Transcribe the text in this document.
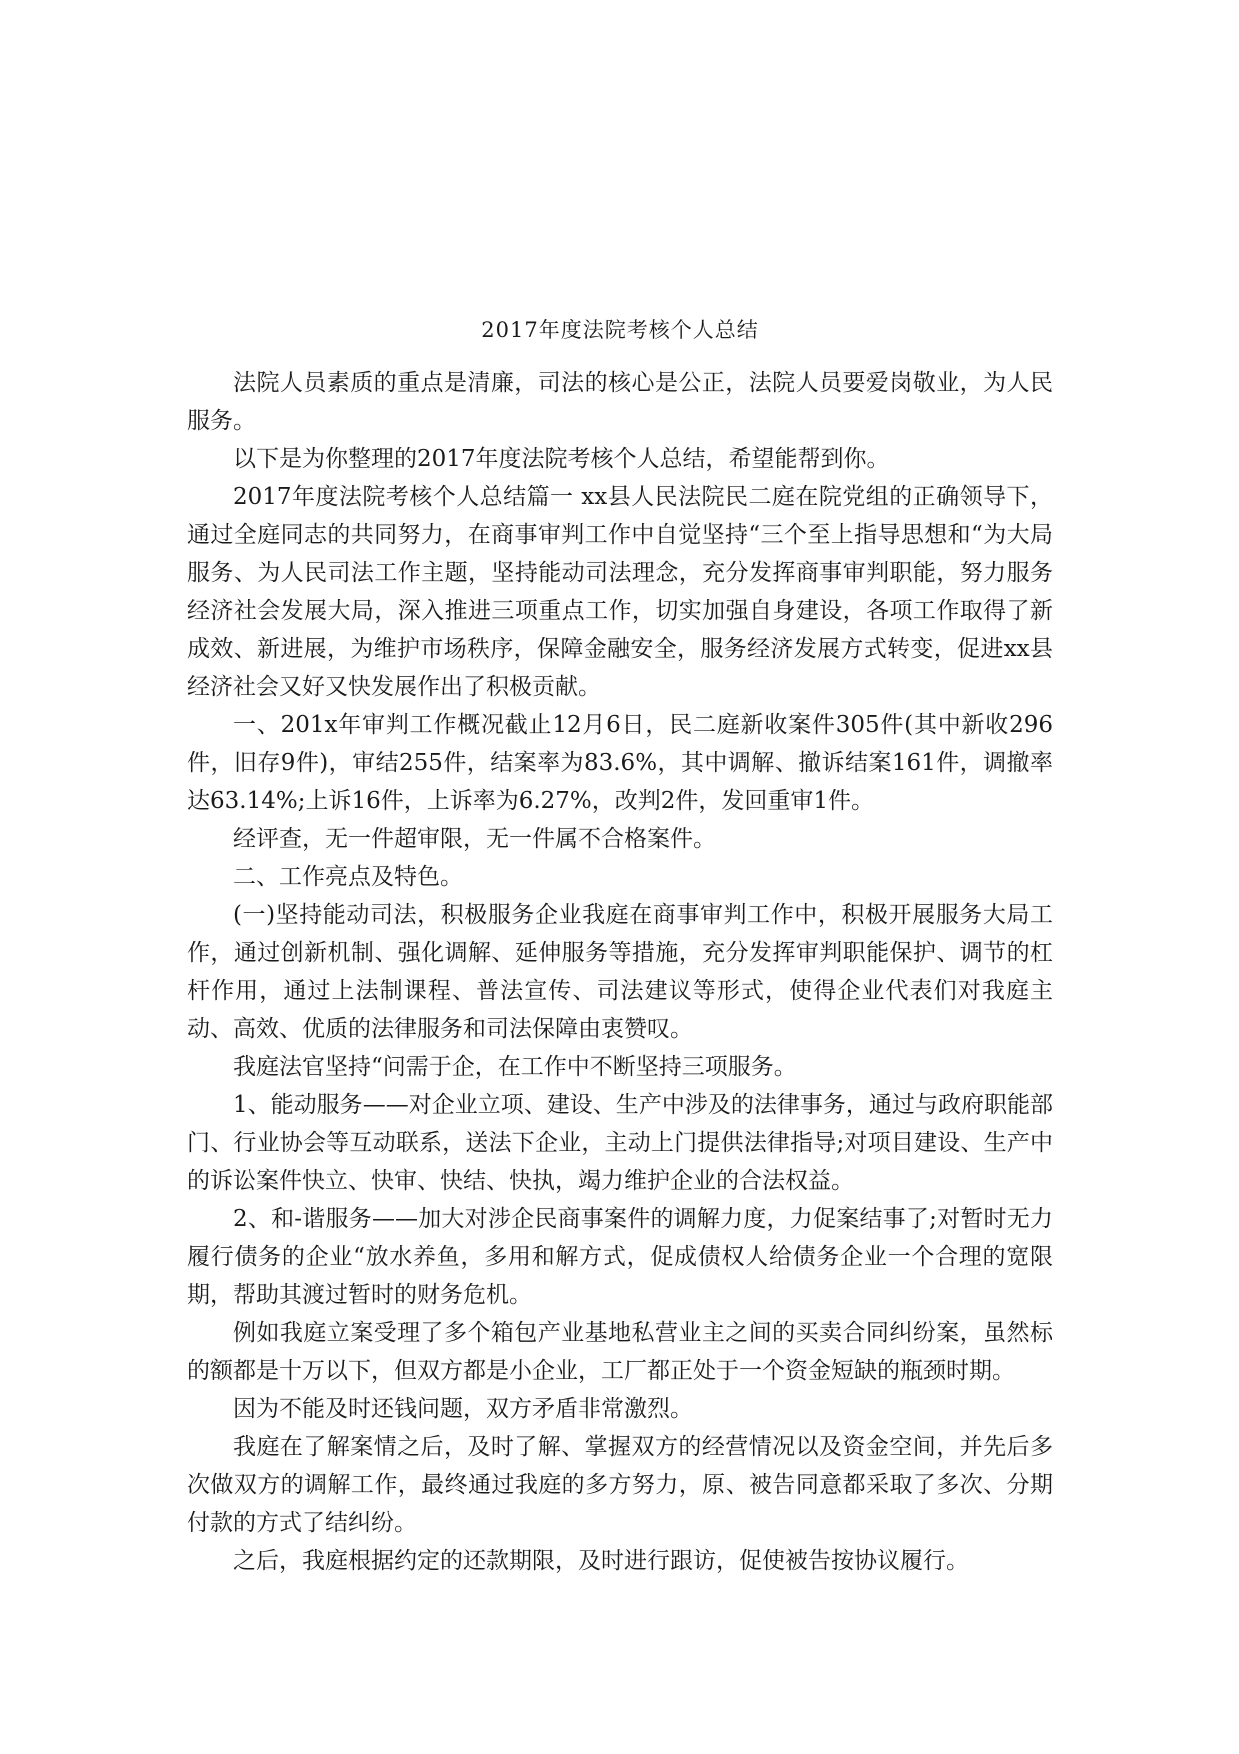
2017年度法院考核个人总结

法院人员素质的重点是清廉，司法的核心是公正，法院人员要爱岗敬业，为人民服务。

以下是为你整理的2017年度法院考核个人总结，希望能帮到你。

2017年度法院考核个人总结篇一 xx县人民法院民二庭在院党组的正确领导下，通过全庭同志的共同努力，在商事审判工作中自觉坚持“三个至上指导思想和“为大局服务、为人民司法工作主题，坚持能动司法理念，充分发挥商事审判职能，努力服务经济社会发展大局，深入推进三项重点工作，切实加强自身建设，各项工作取得了新成效、新进展，为维护市场秩序，保障金融安全，服务经济发展方式转变，促进xx县经济社会又好又快发展作出了积极贡献。

一、201x年审判工作概况截止12月6日，民二庭新收案件305件(其中新收296件，旧存9件)，审结255件，结案率为83.6%，其中调解、撤诉结案161件，调撤率达63.14%;上诉16件，上诉率为6.27%，改判2件，发回重审1件。

经评查，无一件超审限，无一件属不合格案件。

二、工作亮点及特色。

(一)坚持能动司法，积极服务企业我庭在商事审判工作中，积极开展服务大局工作，通过创新机制、强化调解、延伸服务等措施，充分发挥审判职能保护、调节的杠杆作用，通过上法制课程、普法宣传、司法建议等形式，使得企业代表们对我庭主动、高效、优质的法律服务和司法保障由衷赞叹。

我庭法官坚持“问需于企，在工作中不断坚持三项服务。

1、能动服务——对企业立项、建设、生产中涉及的法律事务，通过与政府职能部门、行业协会等互动联系，送法下企业，主动上门提供法律指导;对项目建设、生产中的诉讼案件快立、快审、快结、快执，竭力维护企业的合法权益。

2、和-谐服务——加大对涉企民商事案件的调解力度，力促案结事了;对暂时无力履行债务的企业“放水养鱼，多用和解方式，促成债权人给债务企业一个合理的宽限期，帮助其渡过暂时的财务危机。

例如我庭立案受理了多个箱包产业基地私营业主之间的买卖合同纠纷案，虽然标的额都是十万以下，但双方都是小企业，工厂都正处于一个资金短缺的瓶颈时期。

因为不能及时还钱问题，双方矛盾非常激烈。

我庭在了解案情之后，及时了解、掌握双方的经营情况以及资金空间，并先后多次做双方的调解工作，最终通过我庭的多方努力，原、被告同意都采取了多次、分期付款的方式了结纠纷。

之后，我庭根据约定的还款期限，及时进行跟访，促使被告按协议履行。
